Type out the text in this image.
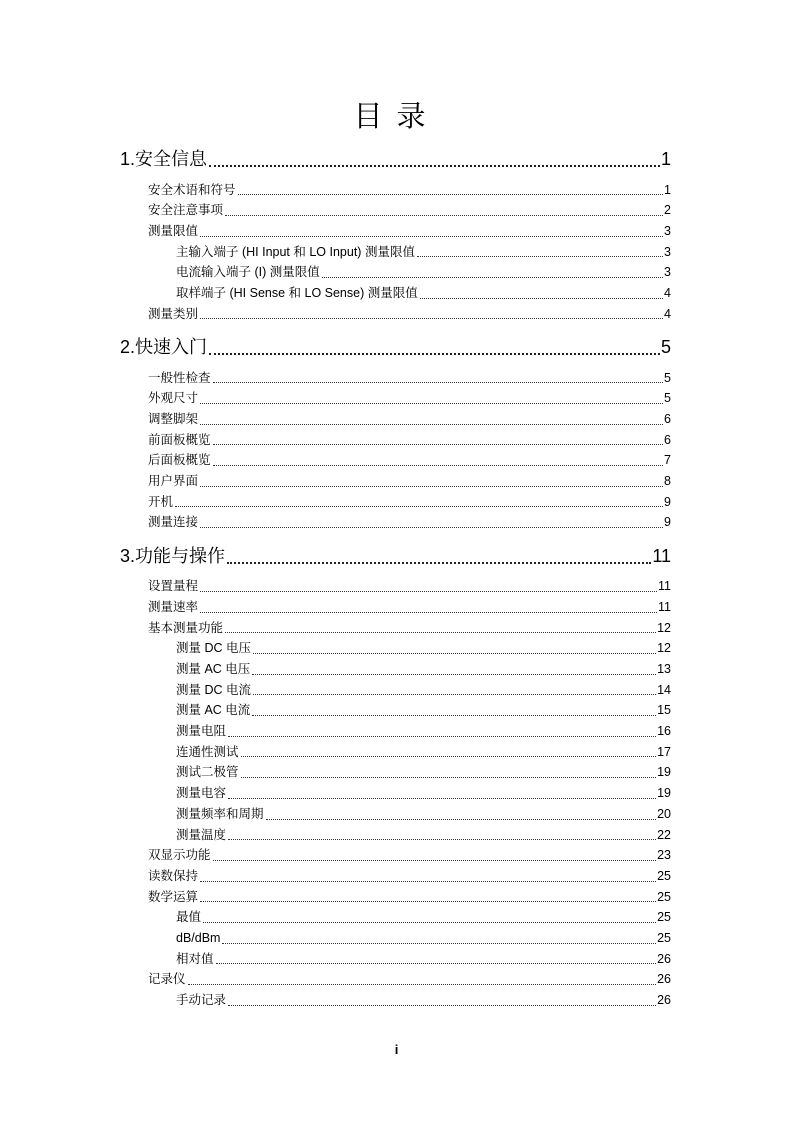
目录
1.安全信息	1
安全术语和符号	1
安全注意事项	2
测量限值	3
主输入端子 (HI Input 和 LO Input) 测量限值	3
电流输入端子 (I) 测量限值	3
取样端子 (HI Sense 和 LO Sense) 测量限值	4
测量类别	4
2.快速入门	5
一般性检查	5
外观尺寸	5
调整脚架	6
前面板概览	6
后面板概览	7
用户界面	8
开机	9
测量连接	9
3.功能与操作	11
设置量程	11
测量速率	11
基本测量功能	12
测量 DC 电压	12
测量 AC 电压	13
测量 DC 电流	14
测量 AC 电流	15
测量电阻	16
连通性测试	17
测试二极管	19
测量电容	19
测量频率和周期	20
测量温度	22
双显示功能	23
读数保持	25
数学运算	25
最值	25
dB/dBm	25
相对值	26
记录仪	26
手动记录	26
i
